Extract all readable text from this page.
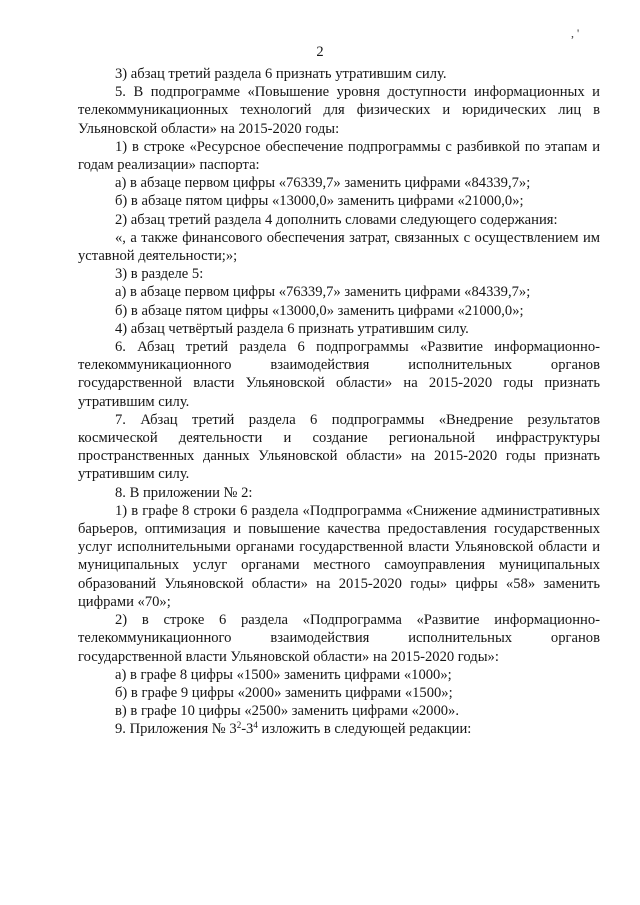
, '
2

3) абзац третий раздела 6 признать утратившим силу.

5. В подпрограмме «Повышение уровня доступности информационных и телекоммуникационных технологий для физических и юридических лиц в Ульяновской области» на 2015-2020 годы:

1) в строке «Ресурсное обеспечение подпрограммы с разбивкой по этапам и годам реализации» паспорта:

а) в абзаце первом цифры «76339,7» заменить цифрами «84339,7»;

б) в абзаце пятом цифры «13000,0» заменить цифрами «21000,0»;

2) абзац третий раздела 4 дополнить словами следующего содержания:

«, а также финансового обеспечения затрат, связанных с осуществлением им уставной деятельности;»;

3) в разделе 5:

а) в абзаце первом цифры «76339,7» заменить цифрами «84339,7»;

б) в абзаце пятом цифры «13000,0» заменить цифрами «21000,0»;

4) абзац четвёртый раздела 6 признать утратившим силу.

6. Абзац третий раздела 6 подпрограммы «Развитие информационно-телекоммуникационного взаимодействия исполнительных органов государственной власти Ульяновской области» на 2015-2020 годы признать утратившим силу.

7. Абзац третий раздела 6 подпрограммы «Внедрение результатов космической деятельности и создание региональной инфраструктуры пространственных данных Ульяновской области» на 2015-2020 годы признать утратившим силу.

8. В приложении № 2:

1) в графе 8 строки 6 раздела «Подпрограмма «Снижение административных барьеров, оптимизация и повышение качества предоставления государственных услуг исполнительными органами государственной власти Ульяновской области и муниципальных услуг органами местного самоуправления муниципальных образований Ульяновской области» на 2015-2020 годы» цифры «58» заменить цифрами «70»;

2) в строке 6 раздела «Подпрограмма «Развитие информационно-телекоммуникационного взаимодействия исполнительных органов государственной власти Ульяновской области» на 2015-2020 годы»:

а) в графе 8 цифры «1500» заменить цифрами «1000»;

б) в графе 9 цифры «2000» заменить цифрами «1500»;

в) в графе 10 цифры «2500» заменить цифрами «2000».

9. Приложения № $3^2-3^4$ изложить в следующей редакции:
